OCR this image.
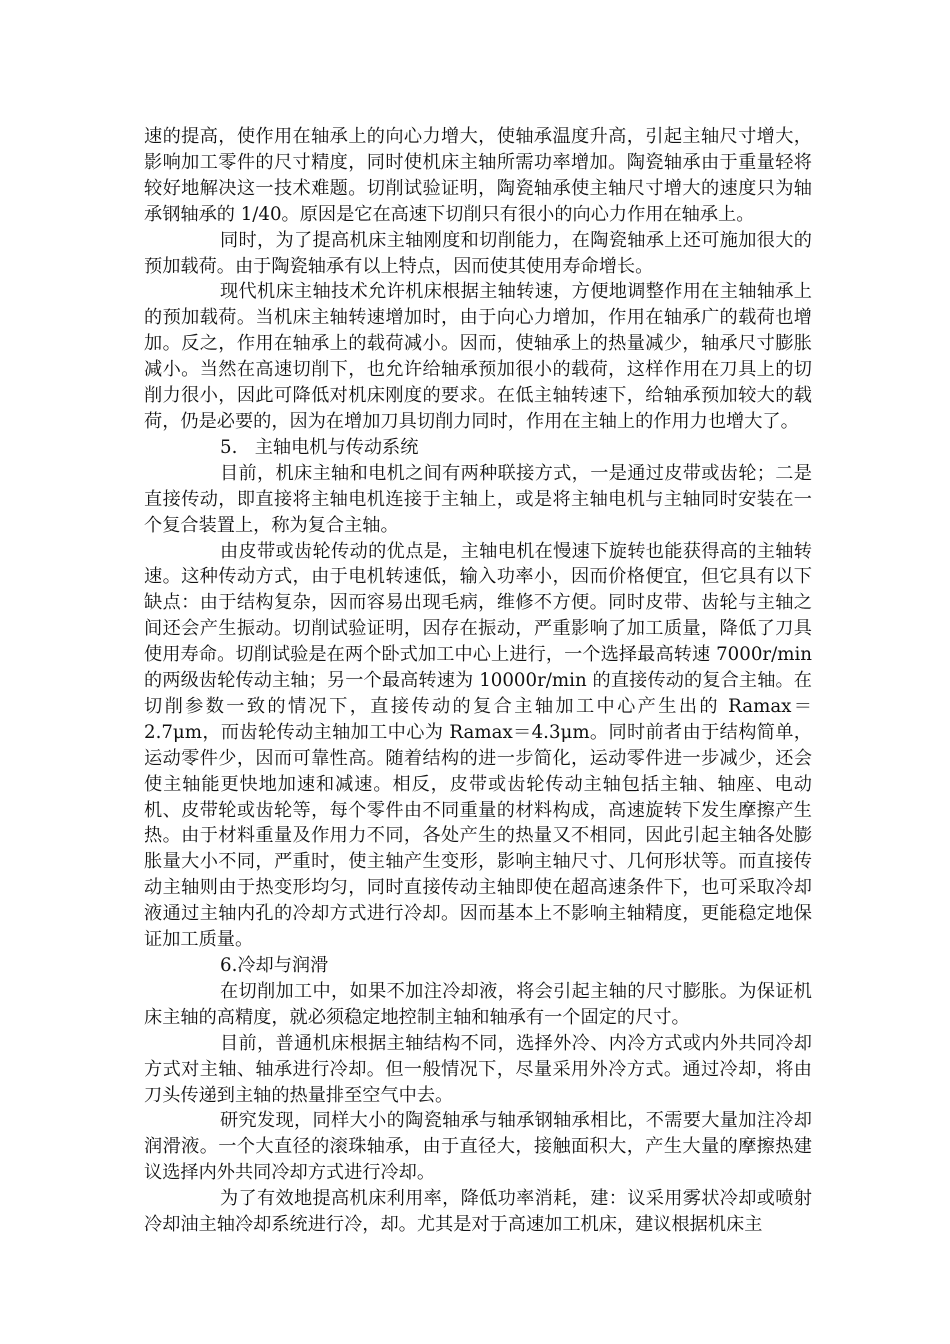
速的提高，使作用在轴承上的向心力增大，使轴承温度升高，引起主轴尺寸增大，影响加工零件的尺寸精度，同时使机床主轴所需功率增加。陶瓷轴承由于重量轻将较好地解决这一技术难题。切削试验证明，陶瓷轴承使主轴尺寸增大的速度只为轴承钢轴承的 1/40。原因是它在高速下切削只有很小的向心力作用在轴承上。

同时，为了提高机床主轴刚度和切削能力，在陶瓷轴承上还可施加很大的预加载荷。由于陶瓷轴承有以上特点，因而使其使用寿命增长。

现代机床主轴技术允许机床根据主轴转速，方便地调整作用在主轴轴承上的预加载荷。当机床主轴转速增加时，由于向心力增加，作用在轴承广的载荷也增加。反之，作用在轴承上的载荷减小。因而，使轴承上的热量减少，轴承尺寸膨胀减小。当然在高速切削下，也允许给轴承预加很小的载荷，这样作用在刀具上的切削力很小，因此可降低对机床刚度的要求。在低主轴转速下，给轴承预加较大的载荷，仍是必要的，因为在增加刀具切削力同时，作用在主轴上的作用力也增大了。

5.   主轴电机与传动系统

目前，机床主轴和电机之间有两种联接方式，一是通过皮带或齿轮；二是直接传动，即直接将主轴电机连接于主轴上，或是将主轴电机与主轴同时安装在一个复合装置上，称为复合主轴。

由皮带或齿轮传动的优点是，主轴电机在慢速下旋转也能获得高的主轴转速。这种传动方式，由于电机转速低，输入功率小，因而价格便宜，但它具有以下缺点：由于结构复杂，因而容易出现毛病，维修不方便。同时皮带、齿轮与主轴之间还会产生振动。切削试验证明，因存在振动，严重影响了加工质量，降低了刀具使用寿命。切削试验是在两个卧式加工中心上进行，一个选择最高转速 7000r/min 的两级齿轮传动主轴；另一个最高转速为 10000r/min 的直接传动的复合主轴。在切削参数一致的情况下，直接传动的复合主轴加工中心产生出的 Ramax＝2.7μm，而齿轮传动主轴加工中心为 Ramax＝4.3μm。同时前者由于结构简单，运动零件少，因而可靠性高。随着结构的进一步简化，运动零件进一步减少，还会使主轴能更快地加速和减速。相反，皮带或齿轮传动主轴包括主轴、轴座、电动机、皮带轮或齿轮等，每个零件由不同重量的材料构成，高速旋转下发生摩擦产生热。由于材料重量及作用力不同，各处产生的热量又不相同，因此引起主轴各处膨胀量大小不同，严重时，使主轴产生变形，影响主轴尺寸、几何形状等。而直接传动主轴则由于热变形均匀，同时直接传动主轴即使在超高速条件下，也可采取冷却液通过主轴内孔的冷却方式进行冷却。因而基本上不影响主轴精度，更能稳定地保证加工质量。

6.冷却与润滑

在切削加工中，如果不加注冷却液，将会引起主轴的尺寸膨胀。为保证机床主轴的高精度，就必须稳定地控制主轴和轴承有一个固定的尺寸。

目前，普通机床根据主轴结构不同，选择外冷、内冷方式或内外共同冷却方式对主轴、轴承进行冷却。但一般情况下，尽量采用外冷方式。通过冷却，将由刀头传递到主轴的热量排至空气中去。

研究发现，同样大小的陶瓷轴承与轴承钢轴承相比，不需要大量加注冷却润滑液。一个大直径的滚珠轴承，由于直径大，接触面积大，产生大量的摩擦热建议选择内外共同冷却方式进行冷却。

为了有效地提高机床利用率，降低功率消耗，建：议采用雾状冷却或喷射冷却油主轴冷却系统进行冷，却。尤其是对于高速加工机床，建议根据机床主
